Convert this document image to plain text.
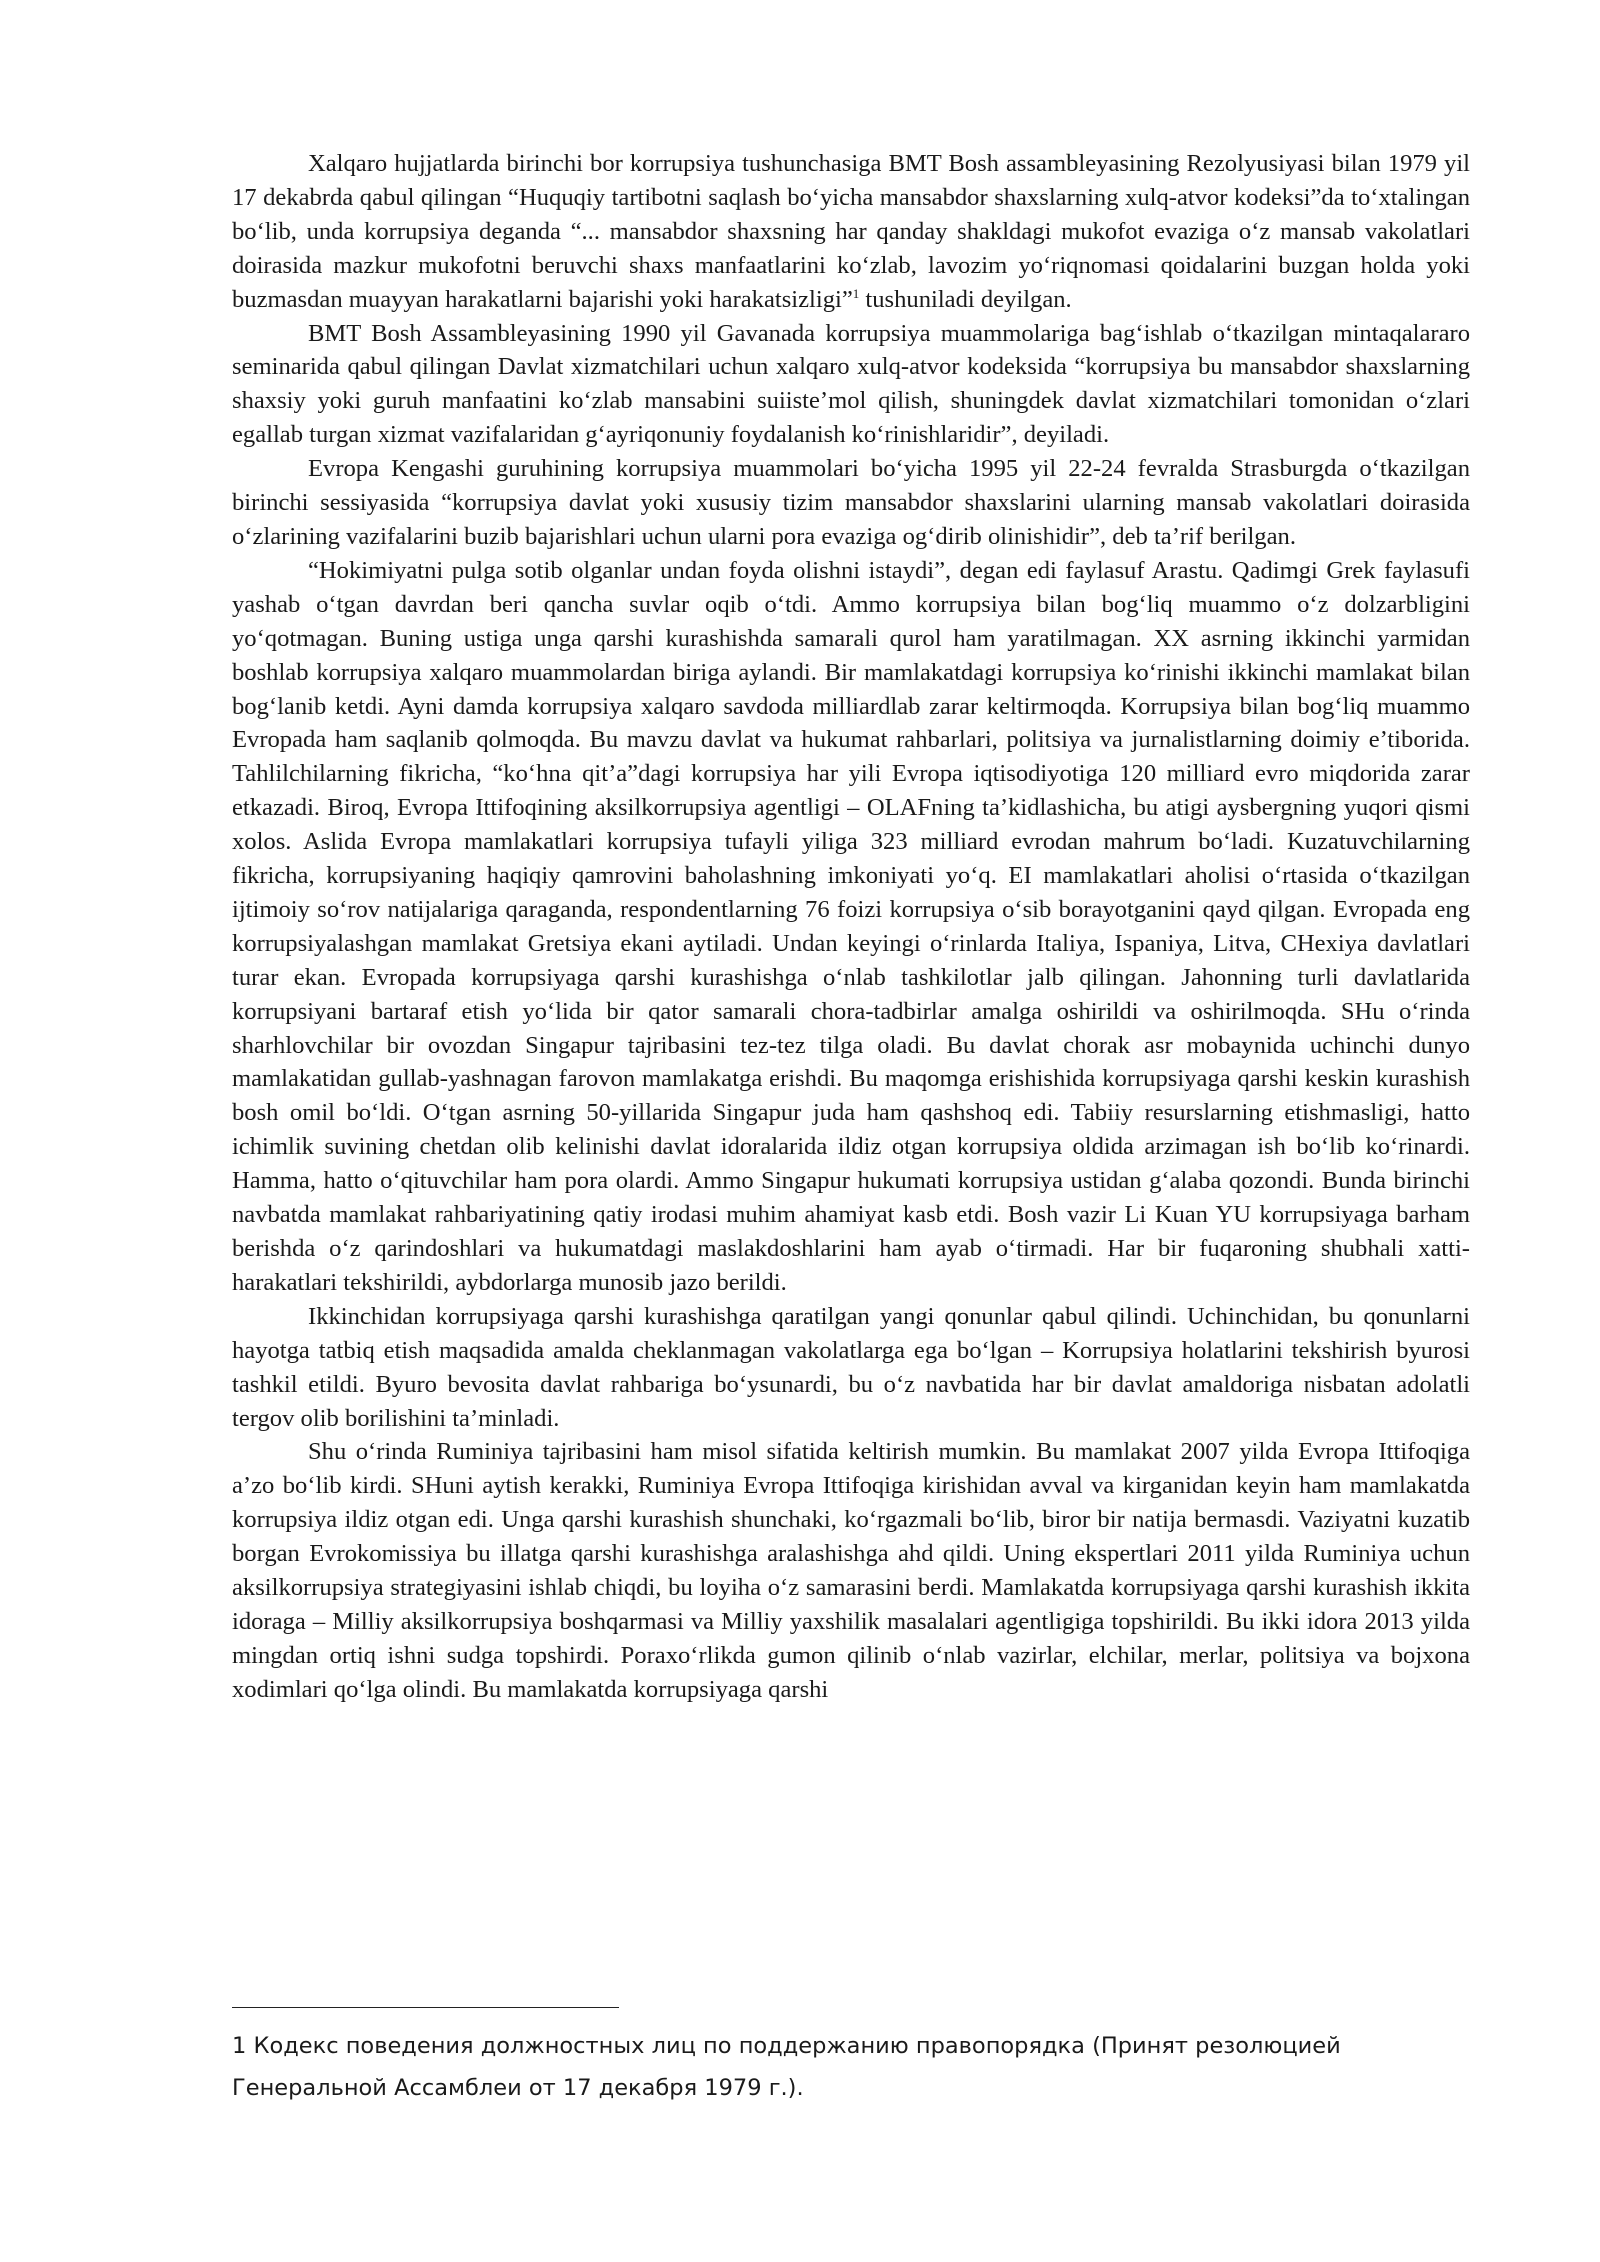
Xalqaro hujjatlarda birinchi bor korrupsiya tushunchasiga BMT Bosh assambleyasining Rezolyusiyasi bilan 1979 yil 17 dekabrda qabul qilingan “Huquqiy tartibotni saqlash bo‘yicha mansabdor shaxslarning xulq-atvor kodeksi”da to‘xtalingan bo‘lib, unda korrupsiya deganda “... mansabdor shaxsning har qanday shakldagi mukofot evaziga o‘z mansab vakolatlari doirasida mazkur mukofotni beruvchi shaxs manfaatlarini ko‘zlab, lavozim yo‘riqnomasi qoidalarini buzgan holda yoki buzmasdan muayyan harakatlarni bajarishi yoki harakatsizligi”$^1$ tushuniladi deyilgan.

BMT Bosh Assambleyasining 1990 yil Gavanada korrupsiya muammolariga bag‘ishlab o‘tkazilgan mintaqalararo seminarida qabul qilingan Davlat xizmatchilari uchun xalqaro xulq-atvor kodeksida “korrupsiya bu mansabdor shaxslarning shaxsiy yoki guruh manfaatini ko‘zlab mansabini suiiste’mol qilish, shuningdek davlat xizmatchilari tomonidan o‘zlari egallab turgan xizmat vazifalaridan g‘ayriqonuniy foydalanish ko‘rinishlaridir”, deyiladi.

Evropa Kengashi guruhining korrupsiya muammolari bo‘yicha 1995 yil 22-24 fevralda Strasburgda o‘tkazilgan birinchi sessiyasida “korrupsiya davlat yoki xususiy tizim mansabdor shaxslarini ularning mansab vakolatlari doirasida o‘zlarining vazifalarini buzib bajarishlari uchun ularni pora evaziga og‘dirib olinishidir”, deb ta’rif berilgan.

“Hokimiyatni pulga sotib olganlar undan foyda olishni istaydi”, degan edi faylasuf Arastu. Qadimgi Grek faylasufi yashab o‘tgan davrdan beri qancha suvlar oqib o‘tdi. Ammo korrupsiya bilan bog‘liq muammo o‘z dolzarbligini yo‘qotmagan. Buning ustiga unga qarshi kurashishda samarali qurol ham yaratilmagan. XX asrning ikkinchi yarmidan boshlab korrupsiya xalqaro muammolardan biriga aylandi. Bir mamlakatdagi korrupsiya ko‘rinishi ikkinchi mamlakat bilan bog‘lanib ketdi. Ayni damda korrupsiya xalqaro savdoda milliardlab zarar keltirmoqda. Korrupsiya bilan bog‘liq muammo Evropada ham saqlanib qolmoqda. Bu mavzu davlat va hukumat rahbarlari, politsiya va jurnalistlarning doimiy e’tiborida. Tahlilchilarning fikricha, “ko‘hna qit’a”dagi korrupsiya har yili Evropa iqtisodiyotiga 120 milliard evro miqdorida zarar etkazadi. Biroq, Evropa Ittifoqining aksilkorrupsiya agentligi – OLAFning ta’kidlashicha, bu atigi aysbergning yuqori qismi xolos. Aslida Evropa mamlakatlari korrupsiya tufayli yiliga 323 milliard evrodan mahrum bo‘ladi. Kuzatuvchilarning fikricha, korrupsiyaning haqiqiy qamrovini baholashning imkoniyati yo‘q. EI mamlakatlari aholisi o‘rtasida o‘tkazilgan ijtimoiy so‘rov natijalariga qaraganda, respondentlarning 76 foizi korrupsiya o‘sib borayotganini qayd qilgan. Evropada eng korrupsiyalashgan mamlakat Gretsiya ekani aytiladi. Undan keyingi o‘rinlarda Italiya, Ispaniya, Litva, CHexiya davlatlari turar ekan. Evropada korrupsiyaga qarshi kurashishga o‘nlab tashkilotlar jalb qilingan. Jahonning turli davlatlarida korrupsiyani bartaraf etish yo‘lida bir qator samarali chora-tadbirlar amalga oshirildi va oshirilmoqda. SHu o‘rinda sharhlovchilar bir ovozdan Singapur tajribasini tez-tez tilga oladi. Bu davlat chorak asr mobaynida uchinchi dunyo mamlakatidan gullab-yashnagan farovon mamlakatga erishdi. Bu maqomga erishishida korrupsiyaga qarshi keskin kurashish bosh omil bo‘ldi. O‘tgan asrning 50-yillarida Singapur juda ham qashshoq edi. Tabiiy resurslarning etishmasligi, hatto ichimlik suvining chetdan olib kelinishi davlat idoralarida ildiz otgan korrupsiya oldida arzimagan ish bo‘lib ko‘rinardi. Hamma, hatto o‘qituvchilar ham pora olardi. Ammo Singapur hukumati korrupsiya ustidan g‘alaba qozondi. Bunda birinchi navbatda mamlakat rahbariyatining qatiy irodasi muhim ahamiyat kasb etdi. Bosh vazir Li Kuan YU korrupsiyaga barham berishda o‘z qarindoshlari va hukumatdagi maslakdoshlarini ham ayab o‘tirmadi. Har bir fuqaroning shubhali xatti-harakatlari tekshirildi, aybdorlarga munosib jazo berildi.

Ikkinchidan korrupsiyaga qarshi kurashishga qaratilgan yangi qonunlar qabul qilindi. Uchinchidan, bu qonunlarni hayotga tatbiq etish maqsadida amalda cheklanmagan vakolatlarga ega bo‘lgan – Korrupsiya holatlarini tekshirish byurosi tashkil etildi. Byuro bevosita davlat rahbariga bo‘ysunardi, bu o‘z navbatida har bir davlat amaldoriga nisbatan adolatli tergov olib borilishini ta’minladi.

Shu o‘rinda Ruminiya tajribasini ham misol sifatida keltirish mumkin. Bu mamlakat 2007 yilda Evropa Ittifoqiga a’zo bo‘lib kirdi. SHuni aytish kerakki, Ruminiya Evropa Ittifoqiga kirishidan avval va kirganidan keyin ham mamlakatda korrupsiya ildiz otgan edi. Unga qarshi kurashish shunchaki, ko‘rgazmali bo‘lib, biror bir natija bermasdi. Vaziyatni kuzatib borgan Evrokomissiya bu illatga qarshi kurashishga aralashishga ahd qildi. Uning ekspertlari 2011 yilda Ruminiya uchun aksilkorrupsiya strategiyasini ishlab chiqdi, bu loyiha o‘z samarasini berdi. Mamlakatda korrupsiyaga qarshi kurashish ikkita idoraga – Milliy aksilkorrupsiya boshqarmasi va Milliy yaxshilik masalalari agentligiga topshirildi. Bu ikki idora 2013 yilda mingdan ortiq ishni sudga topshirdi. Poraxo‘rlikda gumon qilinib o‘nlab vazirlar, elchilar, merlar, politsiya va bojxona xodimlari qo‘lga olindi. Bu mamlakatda korrupsiyaga qarshi

1 Кодекс поведения должностных лиц по поддержанию правопорядка (Принят резолюцией Генеральной Ассамблеи от 17 декабря 1979 г.).
